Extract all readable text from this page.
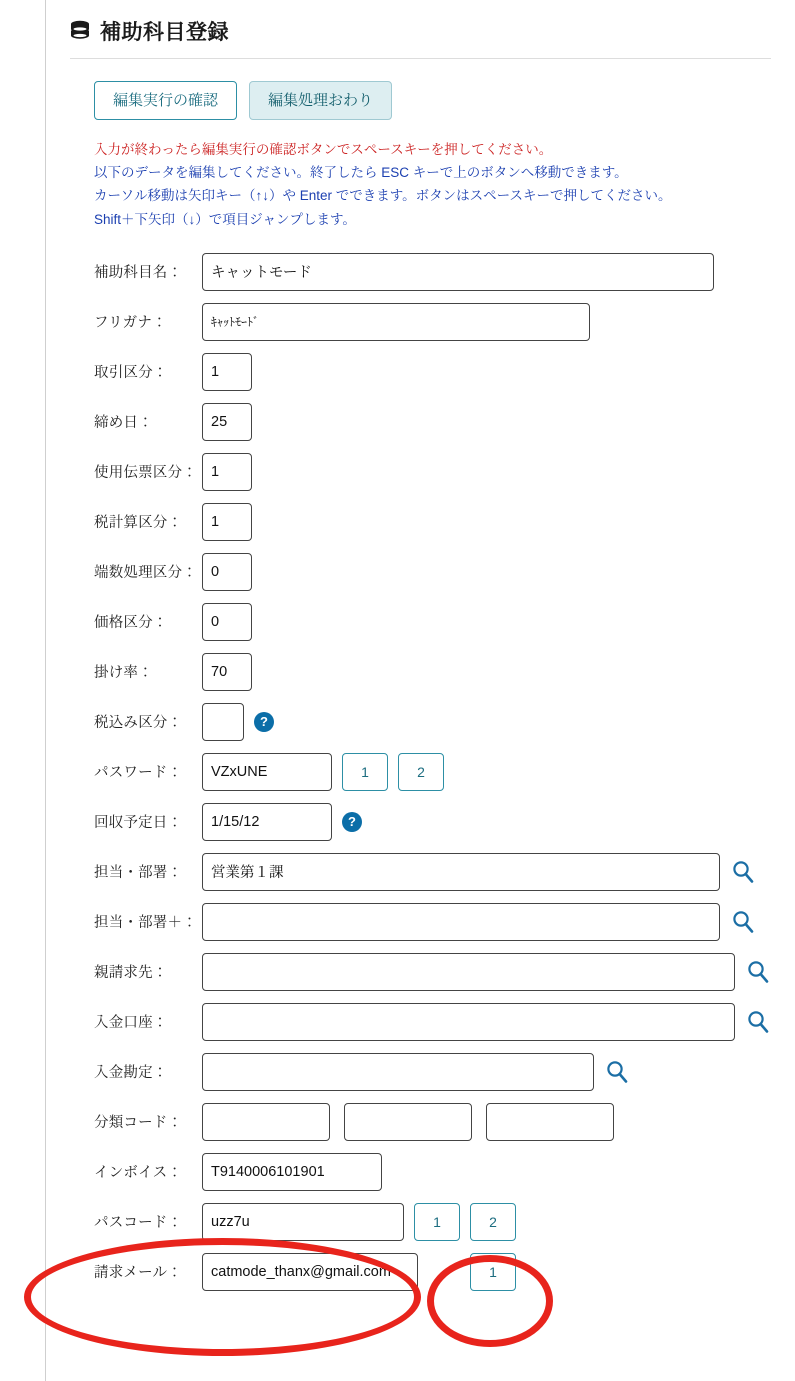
補助科目登録
編集実行の確認	編集処理おわり
入力が終わったら編集実行の確認ボタンでスペースキーを押してください。
以下のデータを編集してください。終了したら ESC キーで上のボタンへ移動できます。
カーソル移動は矢印キー（↑↓）や Enter でできます。ボタンはスペースキーで押してください。
Shift＋下矢印（↓）で項目ジャンプします。
補助科目名：
キャットモード
フリガナ：
ｷｬｯﾄﾓｰﾄﾞ
取引区分：
1
締め日：
25
使用伝票区分：
1
税計算区分：
1
端数処理区分：
0
価格区分：
0
掛け率：
70
税込み区分：	?
パスワード：
VZxUNE	1	2
回収予定日：
1/15/12	?
担当・部署：
営業第１課
担当・部署＋：
親請求先：
入金口座：
入金勘定：
分類コード：
インボイス：
T9140006101901
パスコード：
uzz7u	1	2
請求メール：
catmode_thanx@gmail.com	1
